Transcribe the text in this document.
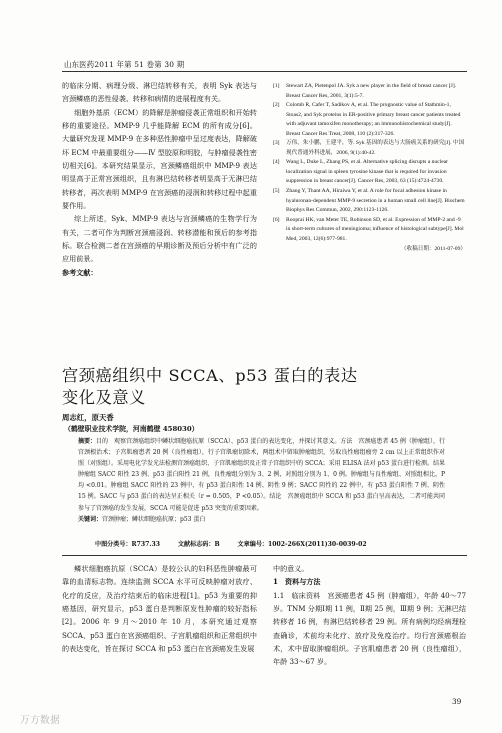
山东医药2011 年第 51 卷第 30 期

的临床分期、病理分级、淋巴结转移有关，表明 Syk 表达与宫颈鳞癌的恶性侵袭、转移和病情的进展程度有关。

细胞外基质（ECM）的降解是肿瘤侵袭正常组织和开始转移的重要途径。MMP-9 几乎能降解 ECM 的所有成分[6]。大量研究发现 MMP-9 在多种恶性肿瘤中呈过度表达，降解破坏 ECM 中最重要组分——Ⅳ 型胶原和明胶，与肿瘤侵袭性密切相关[6]。本研究结果显示，宫颈鳞癌组织中 MMP-9 表达明显高于正常宫颈组织，且有淋巴结转移者明显高于无淋巴结转移者，再次表明 MMP-9 在宫颈癌的浸润和转移过程中起重要作用。

综上所述，Syk、MMP-9 表达与宫颈鳞癌的生物学行为有关，二者可作为判断宫颈癌浸润、转移潜能和预后的参考指标。联合检测二者在宫颈癌的早期诊断及预后分析中有广泛的应用前景。

参考文献：

[1] Stewart ZA, Pietenpol JA. Syk a new player in the field of breast cancer [J]. Breast Cancer Res, 2001, 3(1):5-7.

[2] Colomb R, Cafer T, Sadikov A, et al. The prognostic value of Stathmin-1, Stoas2, and Syk proteins in ER-positive primary breast cancer patients treated with adjuvant tamoxifen monotherapy; an immunohistochemical study[J]. Breast Cancer Res Treat, 2008, 110 (2):317-326.

[3] 万伟，朱小鹏，王建平，等. Syk 基因的表达与大肠癌关系的研究[J]. 中国现代普通外科进展，2006, 9(1):40-42.

[4] Wang L, Duke L, Zhang PS, et al. Alternative splicing disrupts a nuclear localization signal in spleen tyrosine kinase that is required for invasion suppression in breast cancer[J]. Cancer Res, 2003, 63 (15):4724-4730.

[5] Zhang Y, Thant AA, Hiraiwa Y, et al. A role for focal adhesion kinase in hyaluronan-dependent MMP-9 secretion in a human small cell line[J]. Biochem Biophys Res Commun, 2002, 290:1123-1126.

[6] Rooprai HK, van Meter TE, Robinson SD, et al. Expression of MMP-2 and -9 in short-term cultures of meningioma; influence of histological subtype[J]. Mol Med, 2003, 12(6):977-981.

（收稿日期：2011-07-09）
宫颈癌组织中 SCCA、p53 蛋白的表达
变化及意义
周志红，原天香
（鹤壁职业技术学院，河南鹤壁 458030）

摘要：目的　观察宫颈癌组织中鳞状细胞癌抗原（SCCA）、p53 蛋白的表达变化，并探讨其意义。方法　宫颈癌患者 45 例（肿瘤组），行宫颈根治术；子宫肌瘤患者 20 例（良性瘤组），行子宫肌瘤切除术，两组术中留取肿瘤组织，另取良性瘤组瘤旁 2 cm 以上正常组织作对照（对照组）。采用电化学发光法检测宫颈癌组织、子宫肌瘤组织及正常子宫组织中的 SCCA；采用 ELISA 法对 p53 蛋白进行检测。结果　肿瘤组 SACC 阳性 23 例、p53 蛋白阳性 21 例，良性瘤组分别为 3、2 例，对照组分别为 1、0 例。肿瘤组与良性瘤组、对照组相比，P 均 <0.01。肿瘤组 SACC 阳性的 23 例中，有 p53 蛋白阳性 14 例、阴性 9 例；SACC 阴性的 22 例中，有 p53 蛋白阳性 7 例、阴性 15 例。SACC 与 p53 蛋白的表达呈正相关（r = 0.505，P <0.05）。结论　宫颈癌组织中 SCCA 和 p53 蛋白呈高表达，二者可能共同参与了宫颈癌的发生发展，SCCA 可能是促进 p53 突变的重要因素。

关键词：宫颈肿瘤；鳞状细胞癌抗原；p53 蛋白

中图分类号：R737.33	文献标志码：B	文章编号：1002-266X(2011)30-0039-02

鳞状细胞癌抗原（SCCA）是较公认的妇科恶性肿瘤最可靠的血清标志物。连续监测 SCCA 水平可反映肿瘤对放疗、化疗的反应，及治疗结束后的临床进程[1]。p53 为重要的抑癌基因，研究显示，p53 蛋白是判断原发性肿瘤的较好指标[2]。2006 年 9 月～2010 年 10 月，本研究通过观察 SCCA、p53 蛋白在宫颈癌组织、子宫肌瘤组织和正常组织中的表达变化，旨在探讨 SCCA 和 p53 蛋白在宫颈癌发生发展

中的意义。

1　资料与方法

1.1　临床资料　宫颈癌患者 45 例（肿瘤组），年龄 40～77 岁。TNM 分期Ⅰ期 11 例，Ⅱ期 25 例，Ⅲ期 9 例；无淋巴结转移者 16 例，有淋巴结转移者 29 例。所有病例均经病理检查确诊，术前均未化疗、放疗及免疫治疗。均行宫颈癌根治术，术中留取肿瘤组织。子宫肌瘤患者 20 例（良性瘤组），年龄 33～67 岁。

39
万方数据
